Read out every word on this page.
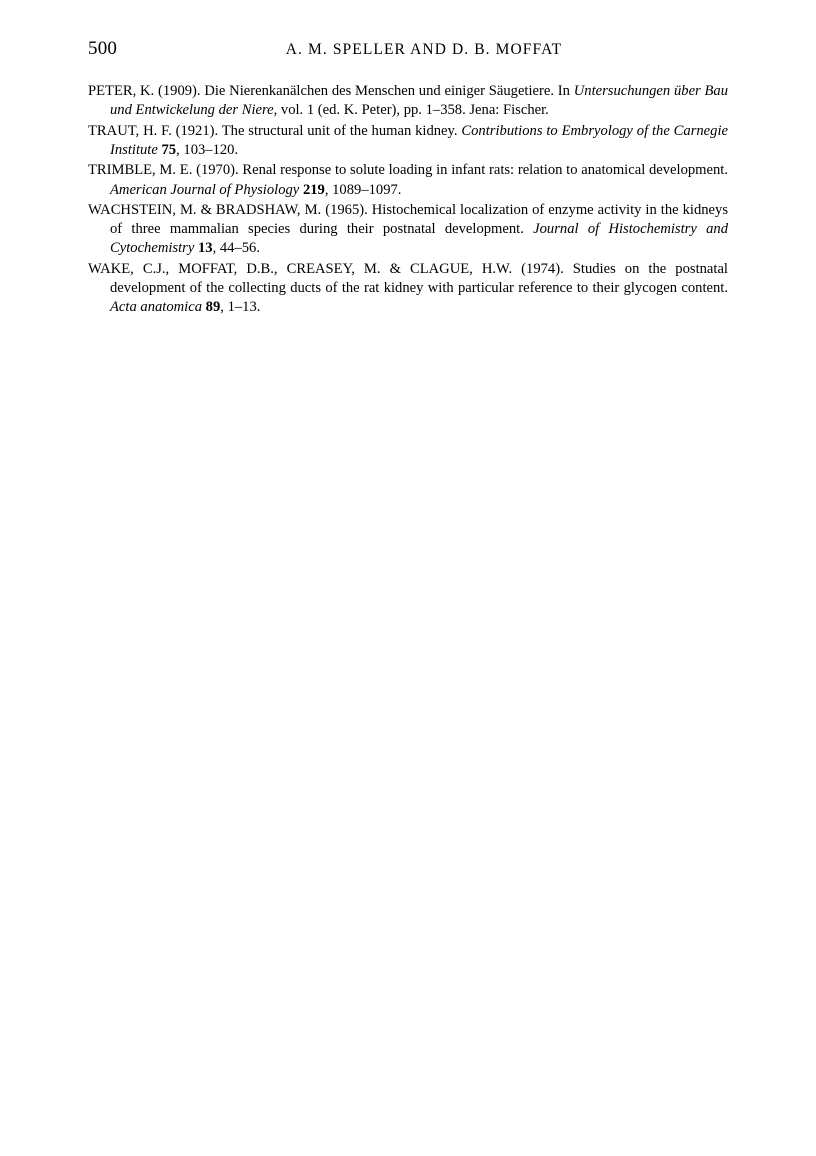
500	A. M. SPELLER AND D. B. MOFFAT
PETER, K. (1909). Die Nierenkanälchen des Menschen und einiger Säugetiere. In Untersuchungen über Bau und Entwickelung der Niere, vol. 1 (ed. K. Peter), pp. 1–358. Jena: Fischer.
TRAUT, H. F. (1921). The structural unit of the human kidney. Contributions to Embryology of the Carnegie Institute 75, 103–120.
TRIMBLE, M. E. (1970). Renal response to solute loading in infant rats: relation to anatomical development. American Journal of Physiology 219, 1089–1097.
WACHSTEIN, M. & BRADSHAW, M. (1965). Histochemical localization of enzyme activity in the kidneys of three mammalian species during their postnatal development. Journal of Histochemistry and Cytochemistry 13, 44–56.
WAKE, C.J., MOFFAT, D.B., CREASEY, M. & CLAGUE, H.W. (1974). Studies on the postnatal development of the collecting ducts of the rat kidney with particular reference to their glycogen content. Acta anatomica 89, 1–13.
